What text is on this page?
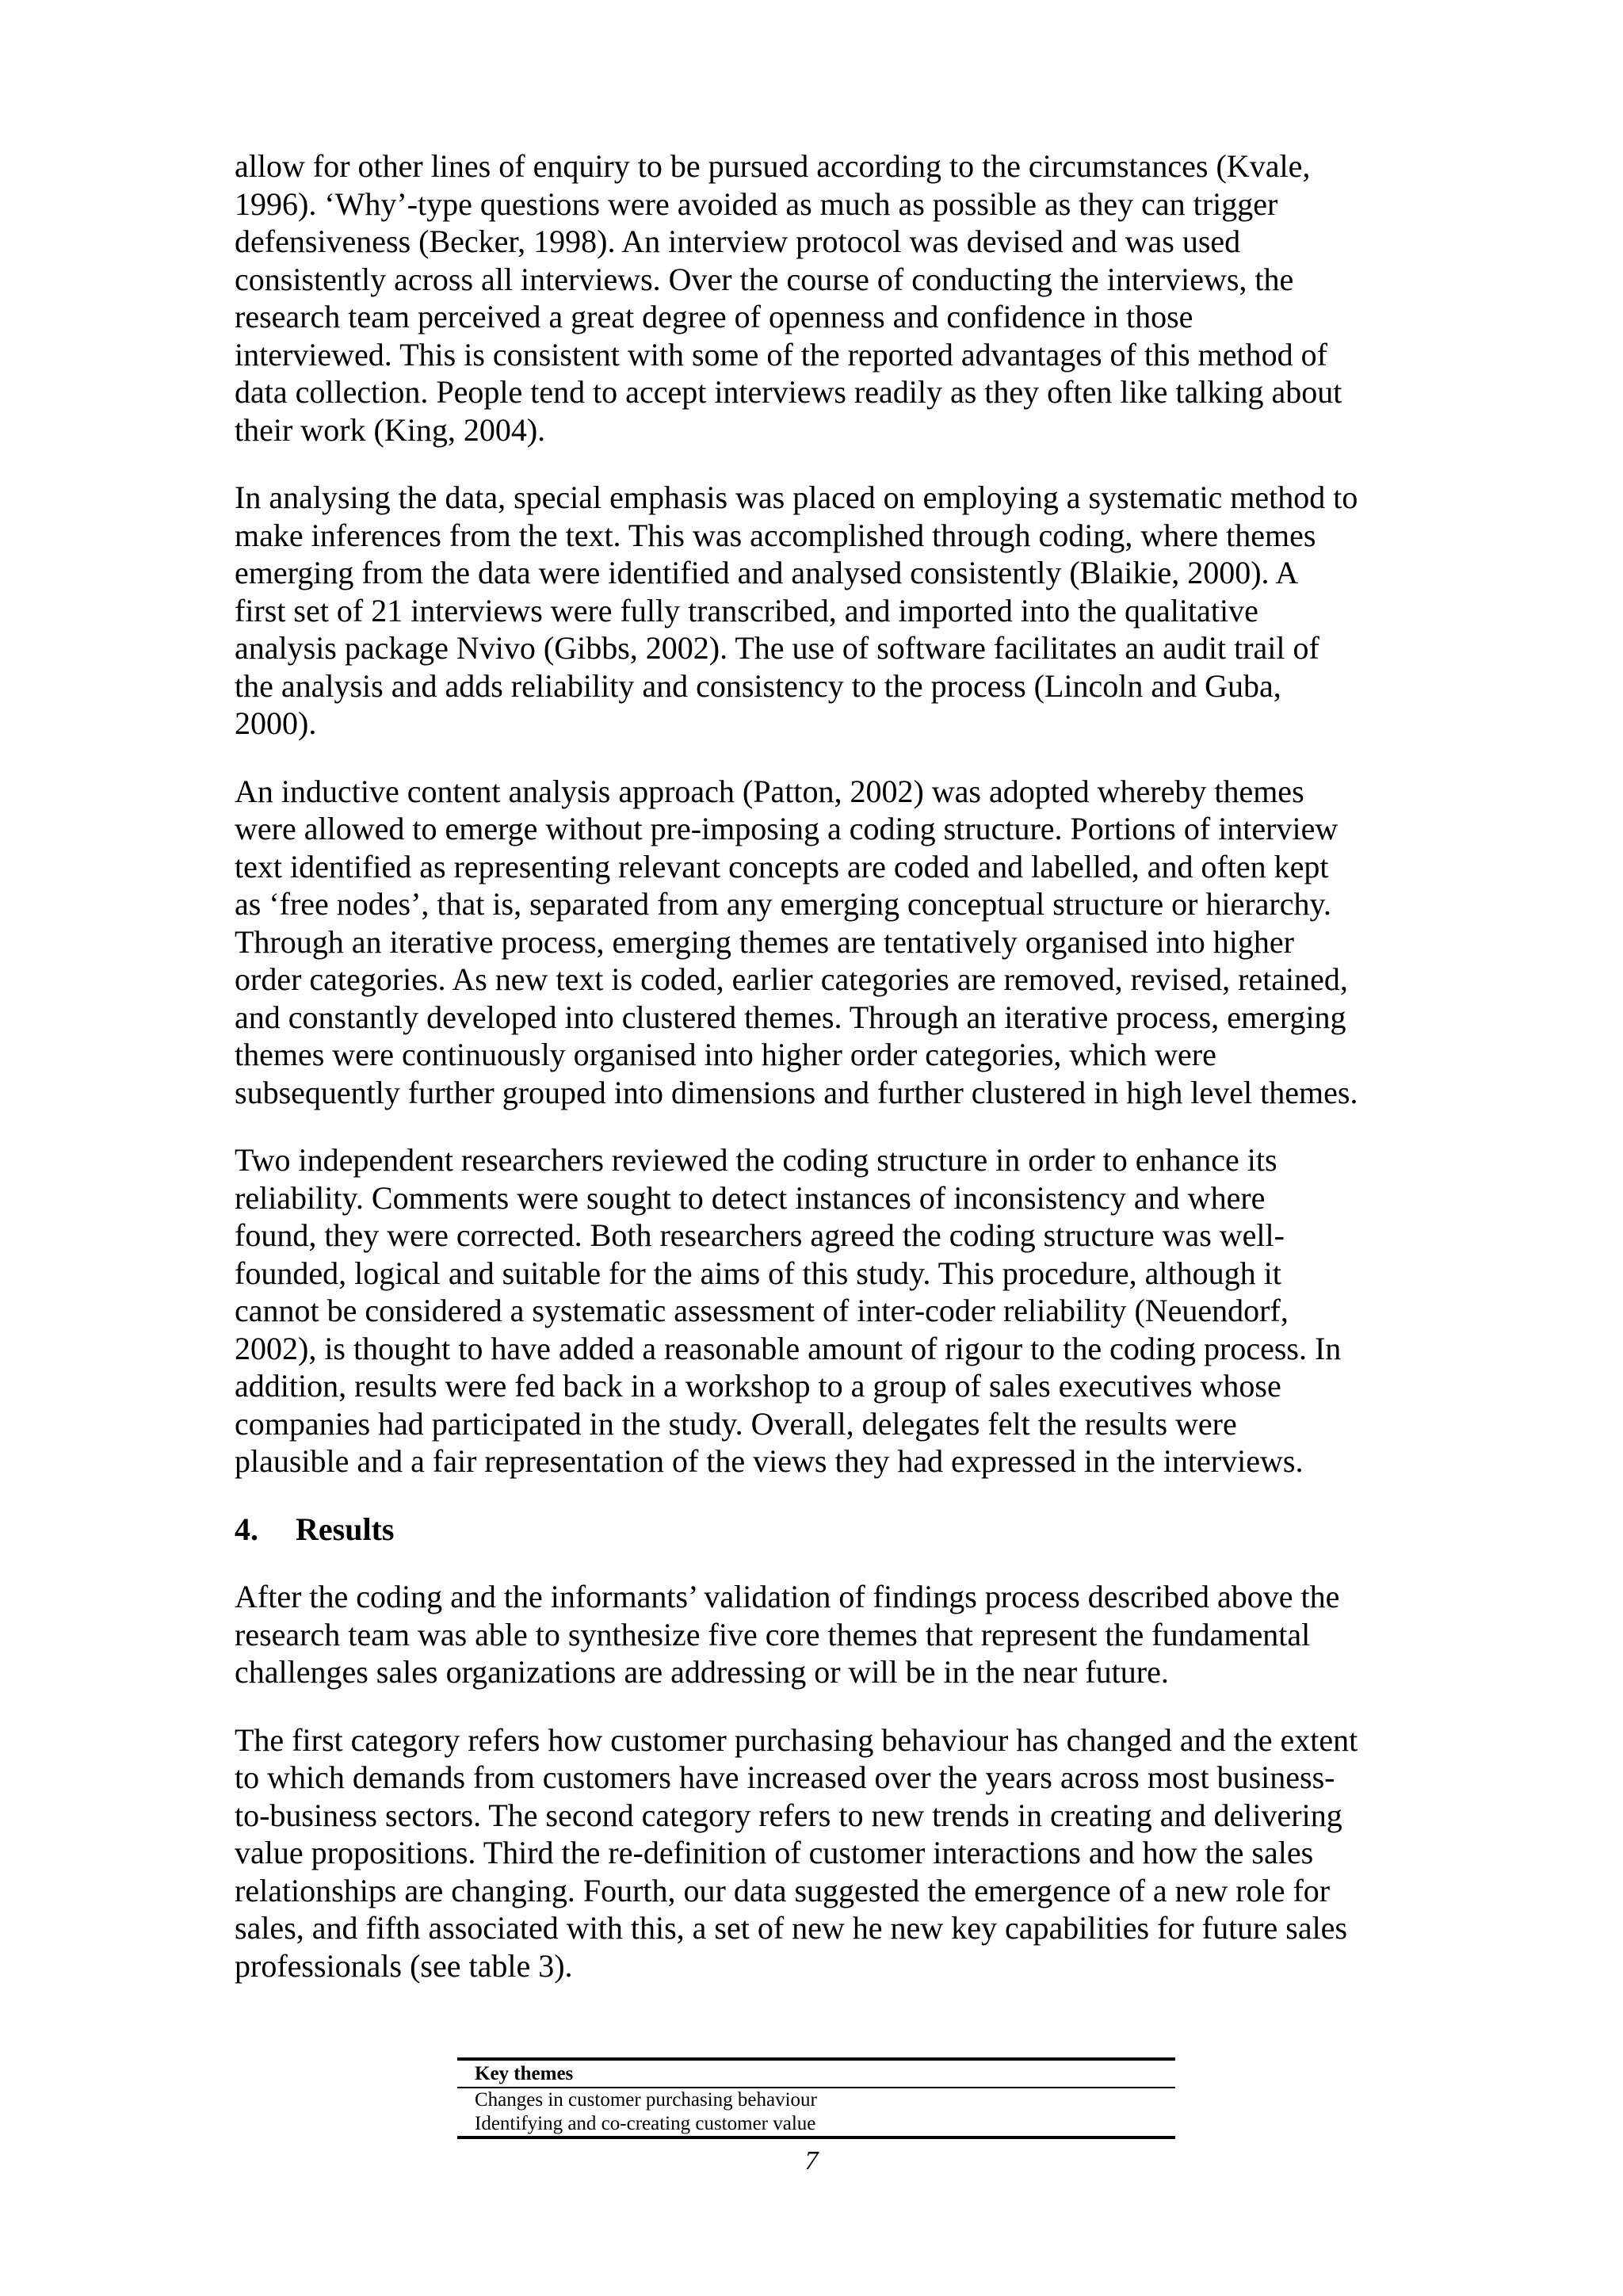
allow for other lines of enquiry to be pursued according to the circumstances (Kvale,
1996). ‘Why’-type questions were avoided as much as possible as they can trigger
defensiveness (Becker, 1998). An interview protocol was devised and was used
consistently across all interviews. Over the course of conducting the interviews, the
research team perceived a great degree of openness and confidence in those
interviewed. This is consistent with some of the reported advantages of this method of
data collection. People tend to accept interviews readily as they often like talking about
their work (King, 2004).
In analysing the data, special emphasis was placed on employing a systematic method to
make inferences from the text. This was accomplished through coding, where themes
emerging from the data were identified and analysed consistently (Blaikie, 2000). A
first set of 21 interviews were fully transcribed, and imported into the qualitative
analysis package Nvivo (Gibbs, 2002). The use of software facilitates an audit trail of
the analysis and adds reliability and consistency to the process (Lincoln and Guba,
2000).
An inductive content analysis approach (Patton, 2002) was adopted whereby themes
were allowed to emerge without pre-imposing a coding structure. Portions of interview
text identified as representing relevant concepts are coded and labelled, and often kept
as ‘free nodes’, that is, separated from any emerging conceptual structure or hierarchy.
Through an iterative process, emerging themes are tentatively organised into higher
order categories. As new text is coded, earlier categories are removed, revised, retained,
and constantly developed into clustered themes. Through an iterative process, emerging
themes were continuously organised into higher order categories, which were
subsequently further grouped into dimensions and further clustered in high level themes.
Two independent researchers reviewed the coding structure in order to enhance its
reliability. Comments were sought to detect instances of inconsistency and where
found, they were corrected. Both researchers agreed the coding structure was well-
founded, logical and suitable for the aims of this study. This procedure, although it
cannot be considered a systematic assessment of inter-coder reliability (Neuendorf,
2002), is thought to have added a reasonable amount of rigour to the coding process. In
addition, results were fed back in a workshop to a group of sales executives whose
companies had participated in the study. Overall, delegates felt the results were
plausible and a fair representation of the views they had expressed in the interviews.
4. Results
After the coding and the informants’ validation of findings process described above the
research team was able to synthesize five core themes that represent the fundamental
challenges sales organizations are addressing or will be in the near future.
The first category refers how customer purchasing behaviour has changed and the extent
to which demands from customers have increased over the years across most business-
to-business sectors. The second category refers to new trends in creating and delivering
value propositions. Third the re-definition of customer interactions and how the sales
relationships are changing. Fourth, our data suggested the emergence of a new role for
sales, and fifth associated with this, a set of new he new key capabilities for future sales
professionals (see table 3).
Key themes
Changes in customer purchasing behaviour
Identifying and co-creating customer value
7
